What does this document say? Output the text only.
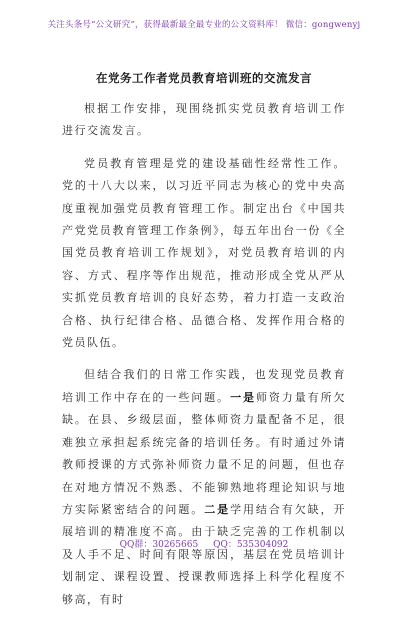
关注头条号“公文研究”，获得最新最全最专业的公文资料库！ 微信：gongwenyj
在党务工作者党员教育培训班的交流发言

根据工作安排，现围绕抓实党员教育培训工作进行交流发言。

党员教育管理是党的建设基础性经常性工作。党的十八大以来，以习近平同志为核心的党中央高度重视加强党员教育管理工作。制定出台《中国共产党党员教育管理工作条例》，每五年出台一份《全国党员教育培训工作规划》，对党员教育培训的内容、方式、程序等作出规范，推动形成全党从严从实抓党员教育培训的良好态势，着力打造一支政治合格、执行纪律合格、品德合格、发挥作用合格的党员队伍。

但结合我们的日常工作实践，也发现党员教育培训工作中存在的一些问题。一是师资力量有所欠缺。在县、乡级层面，整体师资力量配备不足，很难独立承担起系统完备的培训任务。有时通过外请教师授课的方式弥补师资力量不足的问题，但也存在对地方情况不熟悉、不能铆熟地将理论知识与地方实际紧密结合的问题。二是学用结合有欠缺，开展培训的精准度不高。由于缺乏完善的工作机制以及人手不足、时间有限等原因，基层在党员培训计划制定、课程设置、授课教师选择上科学化程度不够高，有时

QQ群：30265665 QQ：535304092
